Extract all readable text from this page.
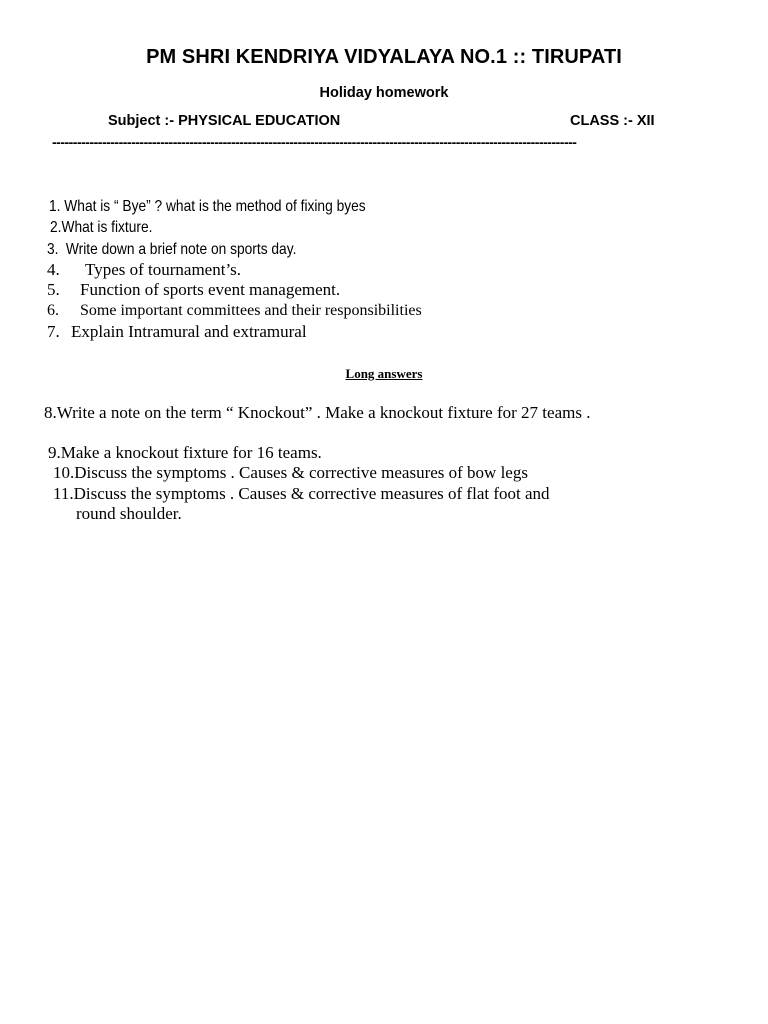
PM SHRI KENDRIYA VIDYALAYA NO.1 :: TIRUPATI
Holiday homework
Subject :- PHYSICAL EDUCATION	CLASS :- XII
------------------------------------------------------------------------------------------------------------------------------
1. What is “ Bye” ? what is the method of fixing byes
2.What is fixture.
3. Write down a brief note on sports day.
4. Types of tournament’s.
5. Function of sports event management.
6. Some important committees and their responsibilities
7. Explain Intramural and extramural
Long answers
8.Write a note on the term “ Knockout” . Make a knockout fixture for 27 teams .
9.Make a knockout fixture for 16 teams.
10.Discuss the symptoms . Causes & corrective measures of bow legs
11.Discuss the symptoms . Causes & corrective measures of flat foot and
round shoulder.
